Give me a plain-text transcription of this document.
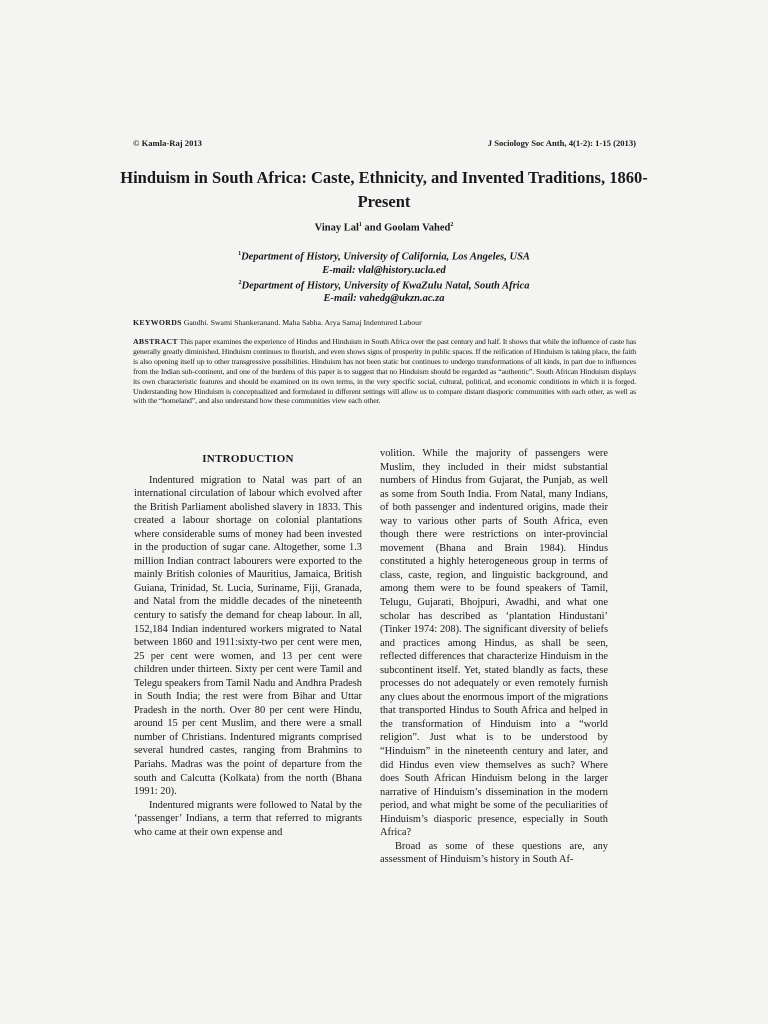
© Kamla-Raj 2013	J Sociology Soc Anth, 4(1-2): 1-15 (2013)
Hinduism in South Africa: Caste, Ethnicity, and Invented Traditions, 1860-Present
Vinay Lal$^1$ and Goolam Vahed$^2$
$^1$Department of History, University of California, Los Angeles, USA
E-mail: vlal@history.ucla.ed
$^2$Department of History, University of KwaZulu Natal, South Africa
E-mail: vahedg@ukzn.ac.za
KEYWORDS Gandhi. Swami Shankeranand. Maha Sabha. Arya Samaj Indentured Labour
ABSTRACT This paper examines the experience of Hindus and Hinduism in South Africa over the past century and half. It shows that while the influence of caste has generally greatly diminished, Hinduism continues to flourish, and even shows signs of prosperity in public spaces. If the reification of Hinduism is taking place, the faith is also opening itself up to other transgressive possibilities. Hinduism has not been static but continues to undergo transformations of all kinds, in part due to influences from the Indian sub-continent, and one of the burdens of this paper is to suggest that no Hinduism should be regarded as “authentic”. South African Hinduism displays its own characteristic features and should be examined on its own terms, in the very specific social, cultural, political, and economic conditions in which it is forged. Understanding how Hinduism is conceptualized and formulated in different settings will allow us to compare distant diasporic communities with each other, as well as with the “homeland”, and also understand how these communities view each other.
INTRODUCTION

Indentured migration to Natal was part of an international circulation of labour which evolved after the British Parliament abolished slavery in 1833. This created a labour shortage on colonial plantations where considerable sums of money had been invested in the production of sugar cane. Altogether, some 1.3 million Indian contract labourers were exported to the mainly British colonies of Mauritius, Jamaica, British Guiana, Trinidad, St. Lucia, Suriname, Fiji, Granada, and Natal from the middle decades of the nineteenth century to satisfy the demand for cheap labour. In all, 152,184 Indian indentured workers migrated to Natal between 1860 and 1911:sixty-two per cent were men, 25 per cent were women, and 13 per cent were children under thirteen. Sixty per cent were Tamil and Telegu speakers from Tamil Nadu and Andhra Pradesh in South India; the rest were from Bihar and Uttar Pradesh in the north. Over 80 per cent were Hindu, around 15 per cent Muslim, and there were a small number of Christians. Indentured migrants comprised several hundred castes, ranging from Brahmins to Pariahs. Madras was the point of departure from the south and Calcutta (Kolkata) from the north (Bhana 1991: 20).

Indentured migrants were followed to Natal by the ‘passenger’ Indians, a term that referred to migrants who came at their own expense and

volition. While the majority of passengers were Muslim, they included in their midst substantial numbers of Hindus from Gujarat, the Punjab, as well as some from South India. From Natal, many Indians, of both passenger and indentured origins, made their way to various other parts of South Africa, even though there were restrictions on inter-provincial movement (Bhana and Brain 1984). Hindus constituted a highly heterogeneous group in terms of class, caste, region, and linguistic background, and among them were to be found speakers of Tamil, Telugu, Gujarati, Bhojpuri, Awadhi, and what one scholar has described as ‘plantation Hindustani’ (Tinker 1974: 208). The significant diversity of beliefs and practices among Hindus, as shall be seen, reflected differences that characterize Hinduism in the subcontinent itself. Yet, stated blandly as facts, these processes do not adequately or even remotely furnish any clues about the enormous import of the migrations that transported Hindus to South Africa and helped in the transformation of Hinduism into a “world religion”. Just what is to be understood by “Hinduism” in the nineteenth century and later, and did Hindus even view themselves as such? Where does South African Hinduism belong in the larger narrative of Hinduism’s dissemination in the modern period, and what might be some of the peculiarities of Hinduism’s diasporic presence, especially in South Africa?

Broad as some of these questions are, any assessment of Hinduism’s history in South Af-
